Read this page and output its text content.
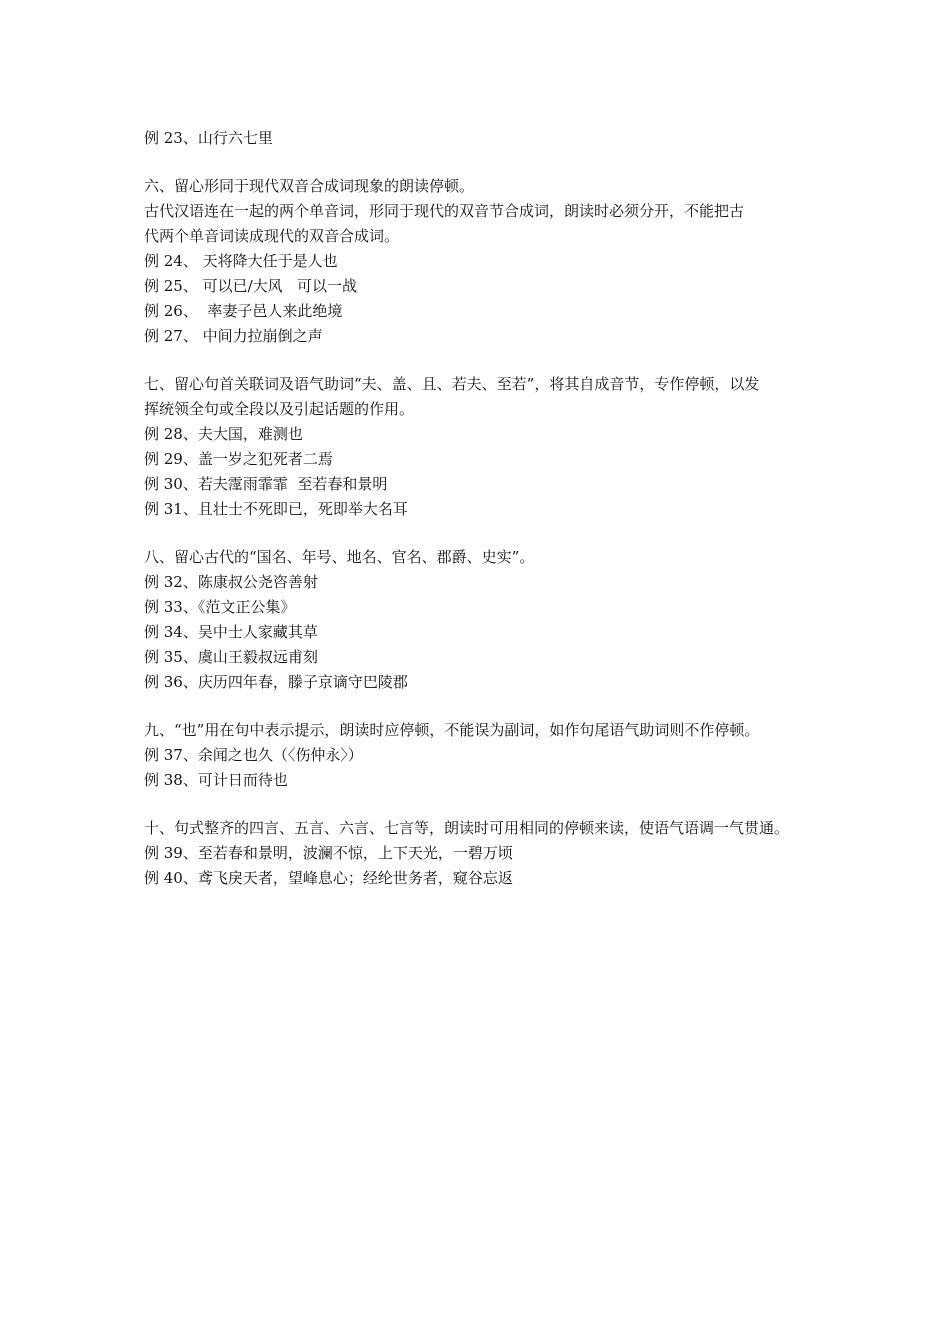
例 23、山行六七里
六、留心形同于现代双音合成词现象的朗读停顿。
古代汉语连在一起的两个单音词，形同于现代的双音节合成词，朗读时必须分开，不能把古
代两个单音词读成现代的双音合成词。
例 24、 天将降大任于是人也
例 25、 可以已/大风   可以一战
例 26、  率妻子邑人来此绝境
例 27、 中间力拉崩倒之声
七、留心句首关联词及语气助词“夫、盖、且、若夫、至若”，将其自成音节，专作停顿，以发
挥统领全句或全段以及引起话题的作用。
例 28、夫大国，难测也
例 29、盖一岁之犯死者二焉
例 30、若夫霪雨霏霏  至若春和景明
例 31、且壮士不死即已，死即举大名耳
八、留心古代的“国名、年号、地名、官名、郡爵、史实”。
例 32、陈康叔公尧咨善射
例 33、《范文正公集》
例 34、吴中士人家藏其草
例 35、虞山王毅叔远甫刻
例 36、庆历四年春，滕子京谪守巴陵郡
九、“也”用在句中表示提示，朗读时应停顿，不能误为副词，如作句尾语气助词则不作停顿。
例 37、余闻之也久（〈伤仲永〉）
例 38、可计日而待也
十、句式整齐的四言、五言、六言、七言等，朗读时可用相同的停顿来读，使语气语调一气贯通。
例 39、至若春和景明，波澜不惊，上下天光，一碧万顷
例 40、鸢飞戾天者，望峰息心；经纶世务者，窥谷忘返
